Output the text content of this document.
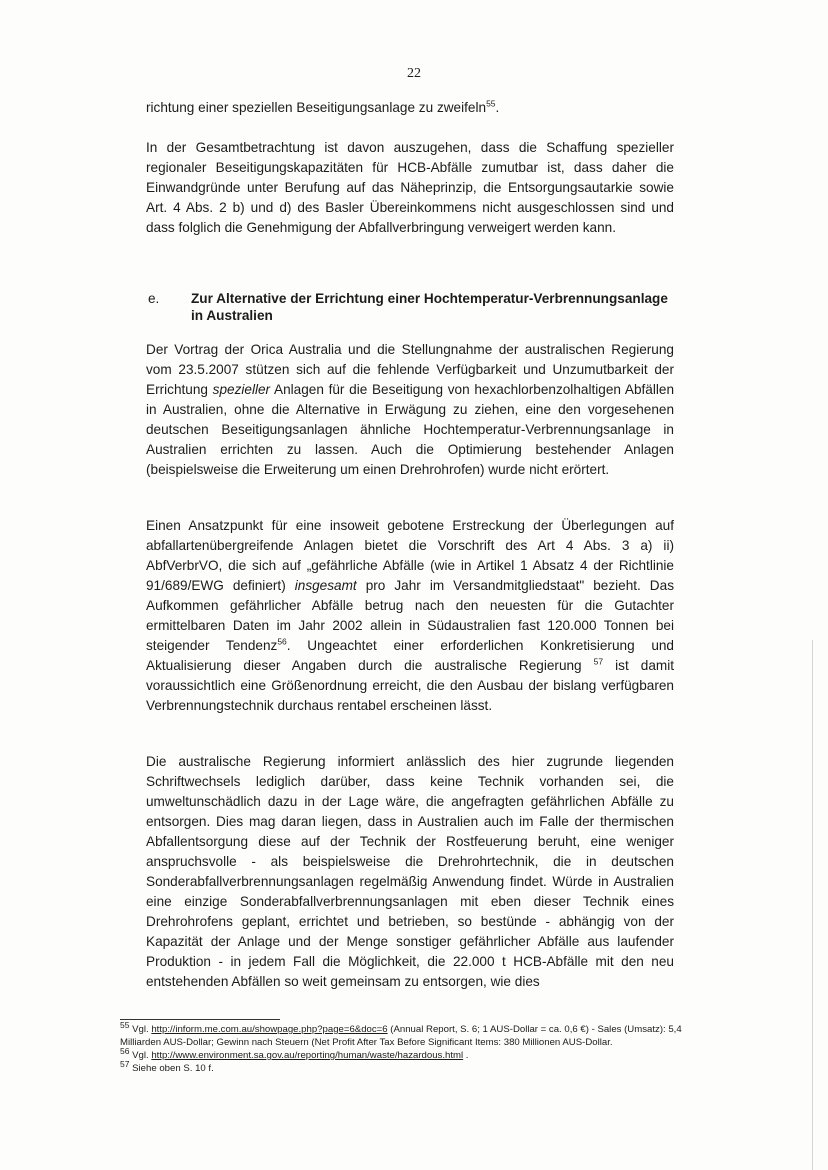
22

richtung einer speziellen Beseitigungsanlage zu zweifeln$^{55}$.

In der Gesamtbetrachtung ist davon auszugehen, dass die Schaffung spezieller regionaler Beseitigungskapazitäten für HCB-Abfälle zumutbar ist, dass daher die Einwandgründe unter Berufung auf das Näheprinzip, die Entsorgungsautarkie sowie Art. 4 Abs. 2 b) und d) des Basler Übereinkommens nicht ausgeschlossen sind und dass folglich die Genehmigung der Abfallverbringung verweigert werden kann.

e. Zur Alternative der Errichtung einer Hochtemperatur-Verbrennungsanlage in Australien

Der Vortrag der Orica Australia und die Stellungnahme der australischen Regierung vom 23.5.2007 stützen sich auf die fehlende Verfügbarkeit und Unzumutbarkeit der Errichtung spezieller Anlagen für die Beseitigung von hexachlorbenzolhaltigen Abfällen in Australien, ohne die Alternative in Erwägung zu ziehen, eine den vorgesehenen deutschen Beseitigungsanlagen ähnliche Hochtemperatur-Verbrennungsanlage in Australien errichten zu lassen. Auch die Optimierung bestehender Anlagen (beispielsweise die Erweiterung um einen Drehrohrofen) wurde nicht erörtert.

Einen Ansatzpunkt für eine insoweit gebotene Erstreckung der Überlegungen auf abfallartenübergreifende Anlagen bietet die Vorschrift des Art 4 Abs. 3 a) ii) AbfVerbrVO, die sich auf „gefährliche Abfälle (wie in Artikel 1 Absatz 4 der Richtlinie 91/689/EWG definiert) insgesamt pro Jahr im Versandmitgliedstaat" bezieht. Das Aufkommen gefährlicher Abfälle betrug nach den neuesten für die Gutachter ermittelbaren Daten im Jahr 2002 allein in Südaustralien fast 120.000 Tonnen bei steigender Tendenz$^{56}$. Ungeachtet einer erforderlichen Konkretisierung und Aktualisierung dieser Angaben durch die australische Regierung $^{57}$ ist damit voraussichtlich eine Größenordnung erreicht, die den Ausbau der bislang verfügbaren Verbrennungstechnik durchaus rentabel erscheinen lässt.

Die australische Regierung informiert anlässlich des hier zugrunde liegenden Schriftwechsels lediglich darüber, dass keine Technik vorhanden sei, die umweltunschädlich dazu in der Lage wäre, die angefragten gefährlichen Abfälle zu entsorgen. Dies mag daran liegen, dass in Australien auch im Falle der thermischen Abfallentsorgung diese auf der Technik der Rostfeuerung beruht, eine weniger anspruchsvolle - als beispielsweise die Drehrohrtechnik, die in deutschen Sonderabfallverbrennungsanlagen regelmäßig Anwendung findet. Würde in Australien eine einzige Sonderabfallverbrennungsanlagen mit eben dieser Technik eines Drehrohrofens geplant, errichtet und betrieben, so bestünde - abhängig von der Kapazität der Anlage und der Menge sonstiger gefährlicher Abfälle aus laufender Produktion - in jedem Fall die Möglichkeit, die 22.000 t HCB-Abfälle mit den neu entstehenden Abfällen so weit gemeinsam zu entsorgen, wie dies

$^{55}$ Vgl. http://inform.me.com.au/showpage.php?page=6&doc=6 (Annual Report, S. 6; 1 AUS-Dollar = ca. 0,6 €) - Sales (Umsatz): 5,4 Milliarden AUS-Dollar; Gewinn nach Steuern (Net Profit After Tax Before Significant Items: 380 Millionen AUS-Dollar.

$^{56}$ Vgl. http://www.environment.sa.gov.au/reporting/human/waste/hazardous.html .

$^{57}$ Siehe oben S. 10 f.
